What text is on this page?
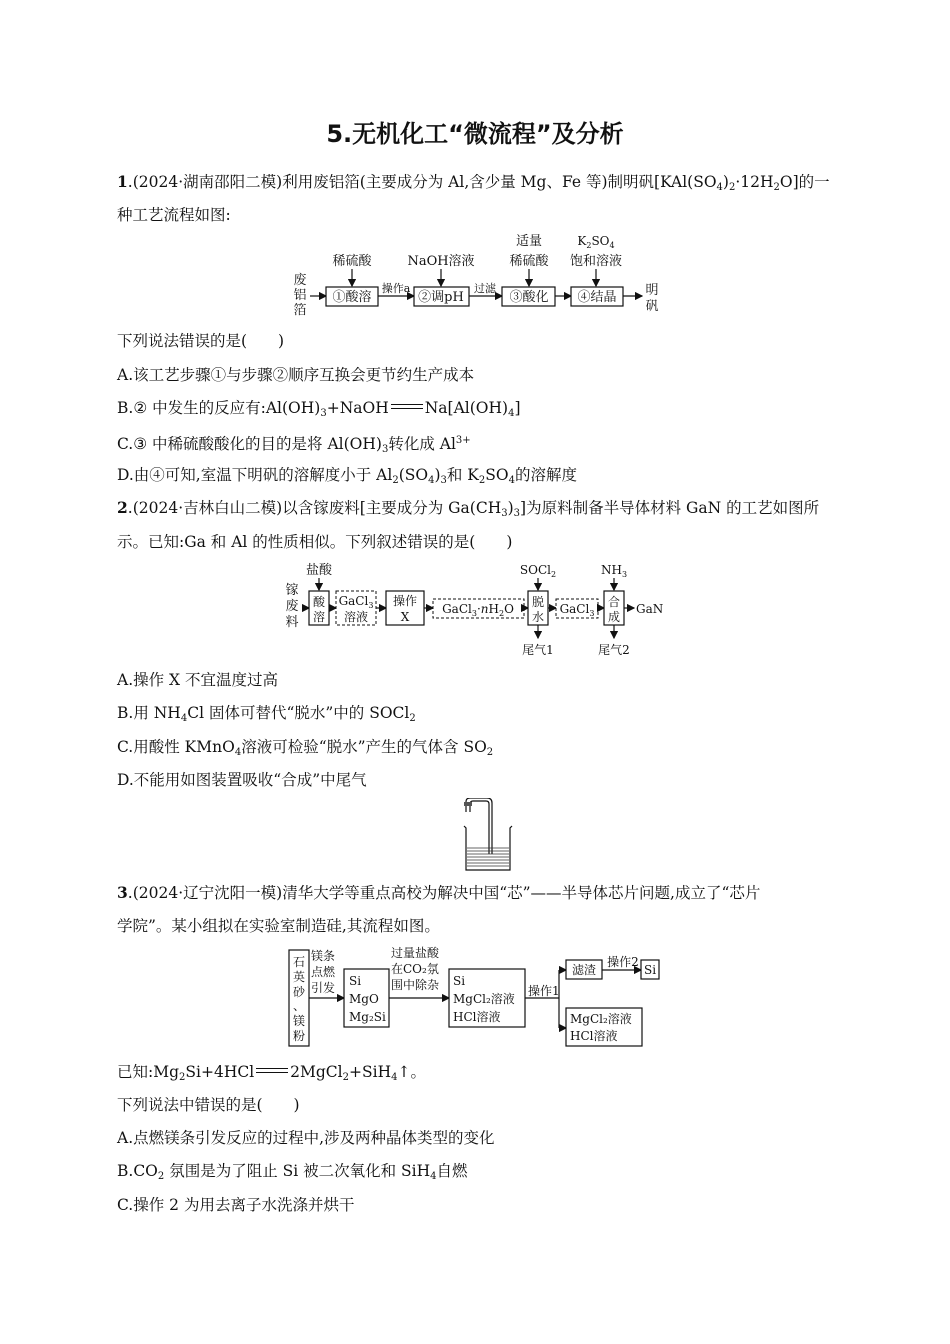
5.无机化工“微流程”及分析
1.(2024·湖南邵阳二模)利用废铝箔(主要成分为 Al,含少量 Mg、Fe 等)制明矾$[KAl(SO_4)_2\cdot 12H_2O]$的一
种工艺流程如图:
废
铝
箔
稀硫酸
①酸溶
操作a
NaOH溶液
②调pH
过滤
适量
稀硫酸
③酸化
$K_2SO_4$
饱和溶液
④结晶 明
矾
下列说法错误的是(　　)
A.该工艺步骤①与步骤②顺序互换会更节约生产成本
B.② 中发生的反应有$:Al(OH)_3+NaOH$ $Na[Al(OH)_4]$
C.③ 中稀硫酸酸化的目的是将 $Al(OH)_3$转化成 $Al^{3+}$
D.由④可知,室温下明矾的溶解度小于 $Al_2(SO_4)_3$和 $K_2SO_4$的溶解度
2.(2024·吉林白山二模)以含镓废料[主要成分为 $Ga(CH_3)_3$]为原料制备半导体材料 GaN 的工艺如图所
示。已知:Ga 和 Al 的性质相似。下列叙述错误的是(　　)
镓
废
料
盐酸
酸
溶
GaCl$_3$
溶液
操作
X
$GaCl_3\cdot nH_2O$
SOCl$_2$
脱
水
GaCl$_3$
$NH_3$
合
成
GaN
尾气1	尾气2
A.操作 X 不宜温度过高
B.用 $NH_4Cl$ 固体可替代“脱水”中的 SOCl$_2$
C.用酸性 KMnO$_4$溶液可检验“脱水”产生的气体含 $SO_2$
D.不能用如图装置吸收“合成”中尾气
3.(2024·辽宁沈阳一模)清华大学等重点高校为解决中国“芯”——半导体芯片问题,成立了“芯片
学院”。某小组拟在实验室制造硅,其流程如图。
石
英
砂
、
镁
粉
镁条
点燃
引发 Si
MgO
Mg₂Si
过量盐酸
在CO₂氛
围中除杂 Si
MgCl₂溶液
HCl溶液
操作1
滤渣
操作2
Si
MgCl₂溶液
HCl溶液
已知$:Mg_2Si+4HCl$ 2MgCl$_2$+SiH$_4$↑。
下列说法中错误的是(　　)
A.点燃镁条引发反应的过程中,涉及两种晶体类型的变化
$B.CO_2$ 氛围是为了阻止 Si 被二次氧化和 SiH$_4$自燃
C.操作 2 为用去离子水洗涤并烘干
